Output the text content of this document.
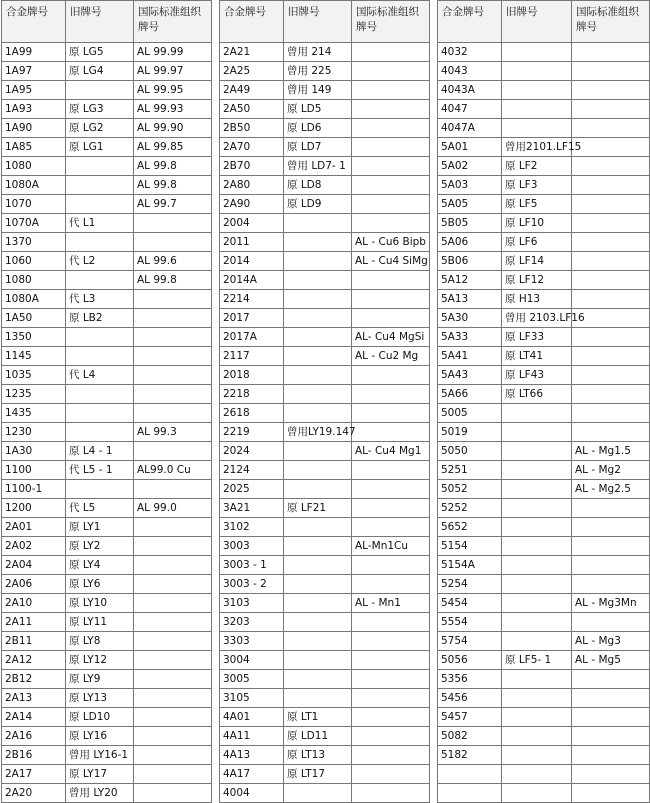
合金牌号	旧牌号	国际标准组织牌号
1A99	原 LG5	AL 99.99
1A97	原 LG4	AL 99.97
1A95		AL 99.95
1A93	原 LG3	AL 99.93
1A90	原 LG2	AL 99.90
1A85	原 LG1	AL 99.85
1080		AL 99.8
1080A		AL 99.8
1070		AL 99.7
1070A	代 L1	
1370		
1060	代 L2	AL 99.6
1080		AL 99.8
1080A	代 L3	
1A50	原 LB2	
1350		
1145		
1035	代 L4	
1235		
1435		
1230		AL 99.3
1A30	原 L4 - 1	
1100	代 L5 - 1	AL99.0 Cu
1100-1		
1200	代 L5	AL 99.0
2A01	原 LY1	
2A02	原 LY2	
2A04	原 LY4	
2A06	原 LY6	
2A10	原 LY10	
2A11	原 LY11	
2B11	原 LY8	
2A12	原 LY12	
2B12	原 LY9	
2A13	原 LY13	
2A14	原 LD10	
2A16	原 LY16	
2B16	曾用 LY16-1	
2A17	原 LY17	
2A20	曾用 LY20	
合金牌号	旧牌号	国际标准组织牌号
2A21	曾用 214	
2A25	曾用 225	
2A49	曾用 149	
2A50	原 LD5	
2B50	原 LD6	
2A70	原 LD7	
2B70	曾用 LD7- 1	
2A80	原 LD8	
2A90	原 LD9	
2004		
2011		AL - Cu6 Bipb
2014		AL - Cu4 SiMg
2014A		
2214		
2017		
2017A		AL- Cu4 MgSi
2117		AL - Cu2 Mg
2018		
2218		
2618		
2219	曾用LY19.147	
2024		AL- Cu4 Mg1
2124		
2025		
3A21	原 LF21	
3102		
3003		AL-Mn1Cu
3003 - 1		
3003 - 2		
3103		AL - Mn1
3203		
3303		
3004		
3005		
3105		
4A01	原 LT1	
4A11	原 LD11	
4A13	原 LT13	
4A17	原 LT17	
4004		
合金牌号	旧牌号	国际标准组织牌号
4032		
4043		
4043A		
4047		
4047A		
5A01	曾用2101.LF15	
5A02	原 LF2	
5A03	原 LF3	
5A05	原 LF5	
5B05	原 LF10	
5A06	原 LF6	
5B06	原 LF14	
5A12	原 LF12	
5A13	原 H13	
5A30	曾用 2103.LF16	
5A33	原 LF33	
5A41	原 LT41	
5A43	原 LF43	
5A66	原 LT66	
5005		
5019		
5050		AL - Mg1.5
5251		AL - Mg2
5052		AL - Mg2.5
5252		
5652		
5154		
5154A		
5254		
5454		AL - Mg3Mn
5554		
5754		AL - Mg3
5056	原 LF5- 1	AL - Mg5
5356		
5456		
5457		
5082		
5182		
